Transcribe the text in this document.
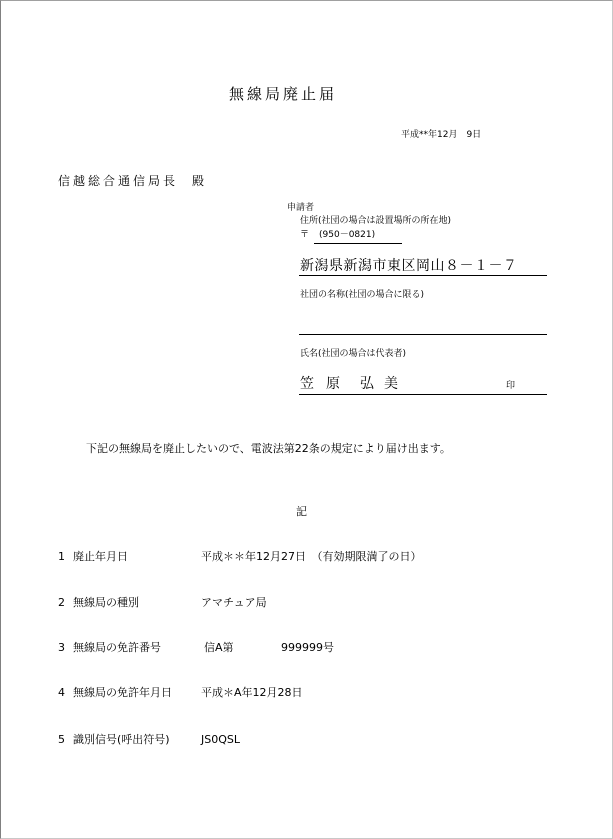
無線局廃止届
平成**年12月　9日
信越総合通信局長 殿
申請者
住所(社団の場合は設置場所の所在地)
〒 (950－0821)
新潟県新潟市東区岡山８－１－７
社団の名称(社団の場合に限る)
氏名(社団の場合は代表者)
笠 原 弘美	印
下記の無線局を廃止したいので、電波法第22条の規定により届け出ます。
記
1 廃止年月日	平成＊＊年12月27日　（有効期限満了の日）
2 無線局の種別	アマチュア局
3 無線局の免許番号	信A第	999999号
4 無線局の免許年月日	平成＊A年12月28日
5 識別信号(呼出符号)	JS0QSL
